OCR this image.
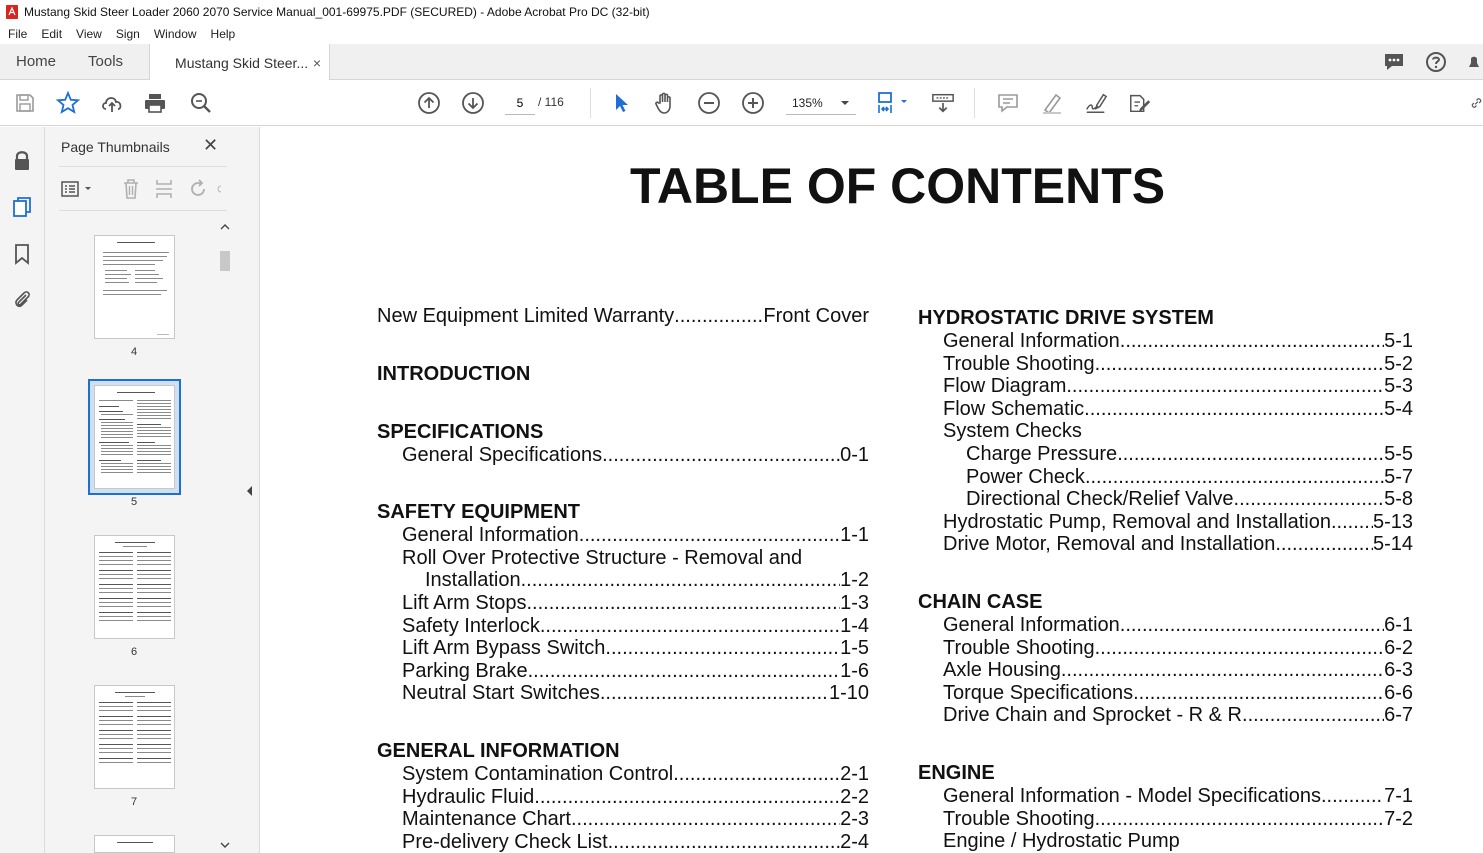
Mustang Skid Steer Loader 2060 2070 Service Manual_001-69975.PDF (SECURED) - Adobe Acrobat Pro DC (32-bit)
File	Edit	View	Sign	Window	Help
Home	Tools	Mustang Skid Steer... ×
5
/ 116	135%
Page Thumbnails ✕
4
5
6
7
TABLE OF CONTENTS
New Equipment Limited Warranty .....	Front Cover
INTRODUCTION
SPECIFICATIONS
General Specifications .....	0-1
SAFETY EQUIPMENT
General Information .....	1-1
Roll Over Protective Structure - Removal and
Installation .....	1-2
Lift Arm Stops .....	1-3
Safety Interlock .....	1-4
Lift Arm Bypass Switch .....	1-5
Parking Brake .....	1-6
Neutral Start Switches .....	1-10
GENERAL INFORMATION
System Contamination Control .....	2-1
Hydraulic Fluid .....	2-2
Maintenance Chart .....	2-3
Pre-delivery Check List .....	2-4
HYDROSTATIC DRIVE SYSTEM
General Information .....	5-1
Trouble Shooting .....	5-2
Flow Diagram .....	5-3
Flow Schematic .....	5-4
System Checks
Charge Pressure .....	5-5
Power Check .....	5-7
Directional Check/Relief Valve .....	5-8
Hydrostatic Pump, Removal and Installation ..... 5-13
Drive Motor, Removal and Installation .....	5-14
CHAIN CASE
General Information .....	6-1
Trouble Shooting .....	6-2
Axle Housing .....	6-3
Torque Specifications .....	6-6
Drive Chain and Sprocket - R & R .....	6-7
ENGINE
General Information - Model Specifications .....	7-1
Trouble Shooting .....	7-2
Engine / Hydrostatic Pump
